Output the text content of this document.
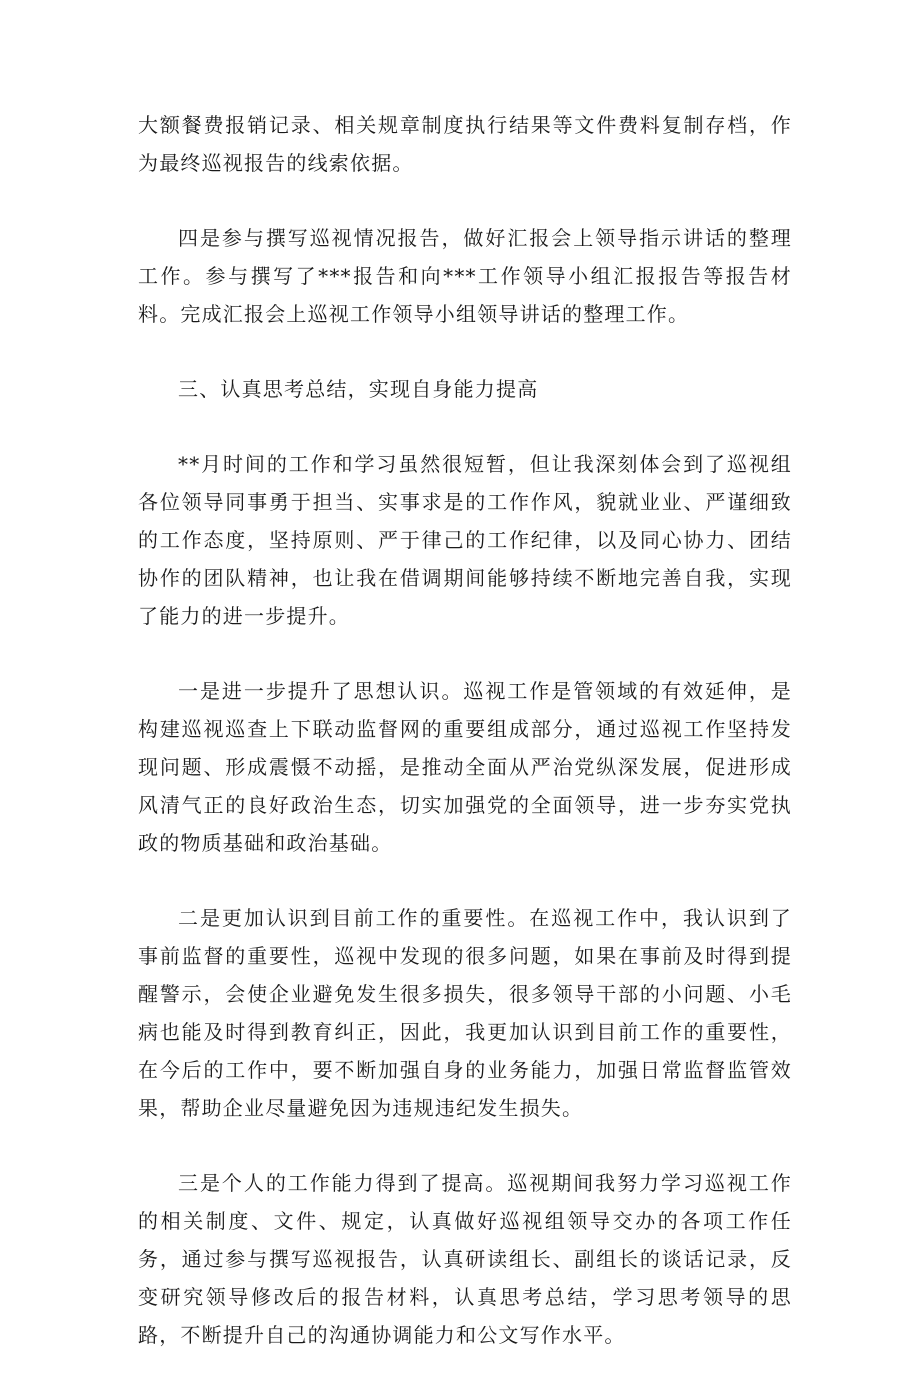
大额餐费报销记录、相关规章制度执行结果等文件费料复制存档，作为最终巡视报告的线索依据。

四是参与撰写巡视情况报告，做好汇报会上领导指示讲话的整理工作。参与撰写了***报告和向***工作领导小组汇报报告等报告材料。完成汇报会上巡视工作领导小组领导讲话的整理工作。

三、认真思考总结，实现自身能力提高

**月时间的工作和学习虽然很短暂，但让我深刻体会到了巡视组各位领导同事勇于担当、实事求是的工作作风，貌就业业、严谨细致的工作态度，坚持原则、严于律己的工作纪律，以及同心协力、团结协作的团队精神，也让我在借调期间能够持续不断地完善自我，实现了能力的进一步提升。

一是进一步提升了思想认识。巡视工作是管领域的有效延伸，是构建巡视巡查上下联动监督网的重要组成部分，通过巡视工作坚持发现问题、形成震慑不动摇，是推动全面从严治党纵深发展，促进形成风清气正的良好政治生态，切实加强党的全面领导，进一步夯实党执政的物质基础和政治基础。

二是更加认识到目前工作的重要性。在巡视工作中，我认识到了事前监督的重要性，巡视中发现的很多问题，如果在事前及时得到提醒警示，会使企业避免发生很多损失，很多领导干部的小问题、小毛病也能及时得到教育纠正，因此，我更加认识到目前工作的重要性，在今后的工作中，要不断加强自身的业务能力，加强日常监督监管效果，帮助企业尽量避免因为违规违纪发生损失。

三是个人的工作能力得到了提高。巡视期间我努力学习巡视工作的相关制度、文件、规定，认真做好巡视组领导交办的各项工作任务，通过参与撰写巡视报告，认真研读组长、副组长的谈话记录，反变研究领导修改后的报告材料，认真思考总结，学习思考领导的思路，不断提升自己的沟通协调能力和公文写作水平。
